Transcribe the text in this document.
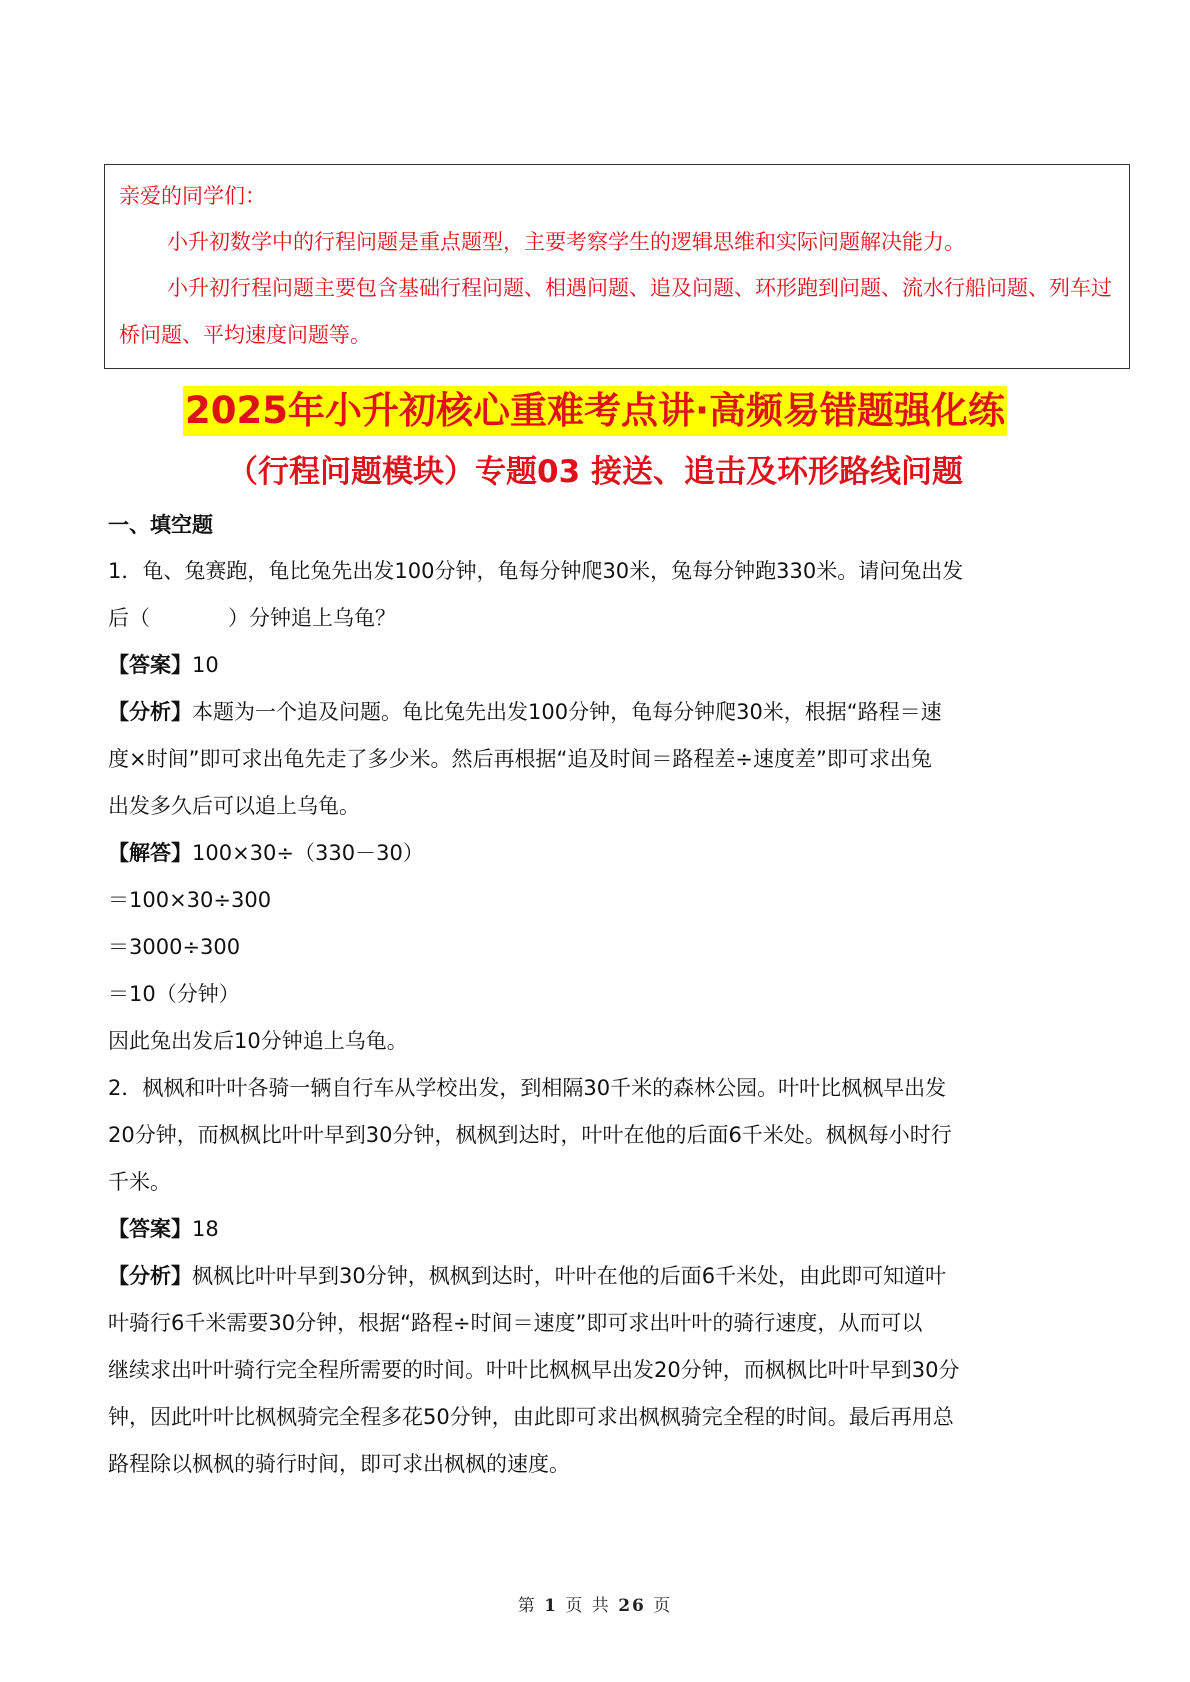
亲爱的同学们：
小升初数学中的行程问题是重点题型，主要考察学生的逻辑思维和实际问题解决能力。
小升初行程问题主要包含基础行程问题、相遇问题、追及问题、环形跑到问题、流水行船问题、列车过桥问题、平均速度问题等。
2025年小升初核心重难考点讲·高频易错题强化练
（行程问题模块）专题03 接送、追击及环形路线问题
一、填空题
1．龟、兔赛跑，龟比兔先出发100分钟，龟每分钟爬30米，兔每分钟跑330米。请问兔出发
后（	）分钟追上乌龟？
【答案】10
【分析】本题为一个追及问题。龟比兔先出发100分钟，龟每分钟爬30米，根据“路程＝速
度×时间”即可求出龟先走了多少米。然后再根据“追及时间＝路程差÷速度差”即可求出兔
出发多久后可以追上乌龟。
【解答】100×30÷（330－30）
＝100×30÷300
＝3000÷300
＝10（分钟）
因此兔出发后10分钟追上乌龟。
2．枫枫和叶叶各骑一辆自行车从学校出发，到相隔30千米的森林公园。叶叶比枫枫早出发
20分钟，而枫枫比叶叶早到30分钟，枫枫到达时，叶叶在他的后面6千米处。枫枫每小时行
千米。
【答案】18
【分析】枫枫比叶叶早到30分钟，枫枫到达时，叶叶在他的后面6千米处，由此即可知道叶
叶骑行6千米需要30分钟，根据“路程÷时间＝速度”即可求出叶叶的骑行速度，从而可以
继续求出叶叶骑行完全程所需要的时间。叶叶比枫枫早出发20分钟，而枫枫比叶叶早到30分
钟，因此叶叶比枫枫骑完全程多花50分钟，由此即可求出枫枫骑完全程的时间。最后再用总
路程除以枫枫的骑行时间，即可求出枫枫的速度。
第 1 页 共 26 页
